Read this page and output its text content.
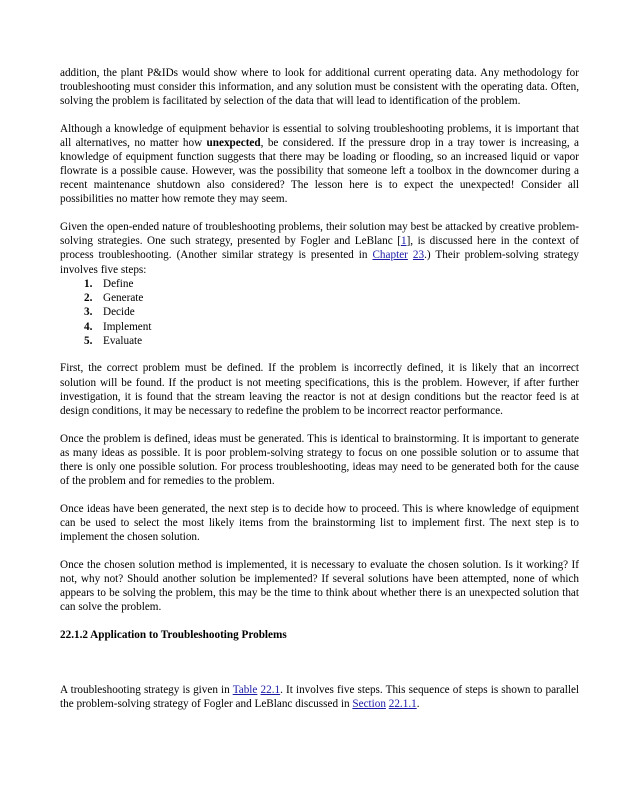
addition, the plant P&IDs would show where to look for additional current operating data. Any methodology for troubleshooting must consider this information, and any solution must be consistent with the operating data. Often, solving the problem is facilitated by selection of the data that will lead to identification of the problem.

Although a knowledge of equipment behavior is essential to solving troubleshooting problems, it is important that all alternatives, no matter how unexpected, be considered. If the pressure drop in a tray tower is increasing, a knowledge of equipment function suggests that there may be loading or flooding, so an increased liquid or vapor flowrate is a possible cause. However, was the possibility that someone left a toolbox in the downcomer during a recent maintenance shutdown also considered? The lesson here is to expect the unexpected! Consider all possibilities no matter how remote they may seem.

Given the open-ended nature of troubleshooting problems, their solution may best be attacked by creative problem-solving strategies. One such strategy, presented by Fogler and LeBlanc [1], is discussed here in the context of process troubleshooting. (Another similar strategy is presented in Chapter 23.) Their problem-solving strategy involves five steps:

1. Define
2. Generate
3. Decide
4. Implement
5. Evaluate

First, the correct problem must be defined. If the problem is incorrectly defined, it is likely that an incorrect solution will be found. If the product is not meeting specifications, this is the problem. However, if after further investigation, it is found that the stream leaving the reactor is not at design conditions but the reactor feed is at design conditions, it may be necessary to redefine the problem to be incorrect reactor performance.

Once the problem is defined, ideas must be generated. This is identical to brainstorming. It is important to generate as many ideas as possible. It is poor problem-solving strategy to focus on one possible solution or to assume that there is only one possible solution. For process troubleshooting, ideas may need to be generated both for the cause of the problem and for remedies to the problem.

Once ideas have been generated, the next step is to decide how to proceed. This is where knowledge of equipment can be used to select the most likely items from the brainstorming list to implement first. The next step is to implement the chosen solution.

Once the chosen solution method is implemented, it is necessary to evaluate the chosen solution. Is it working? If not, why not? Should another solution be implemented? If several solutions have been attempted, none of which appears to be solving the problem, this may be the time to think about whether there is an unexpected solution that can solve the problem.

22.1.2 Application to Troubleshooting Problems

A troubleshooting strategy is given in Table 22.1. It involves five steps. This sequence of steps is shown to parallel the problem-solving strategy of Fogler and LeBlanc discussed in Section 22.1.1.
